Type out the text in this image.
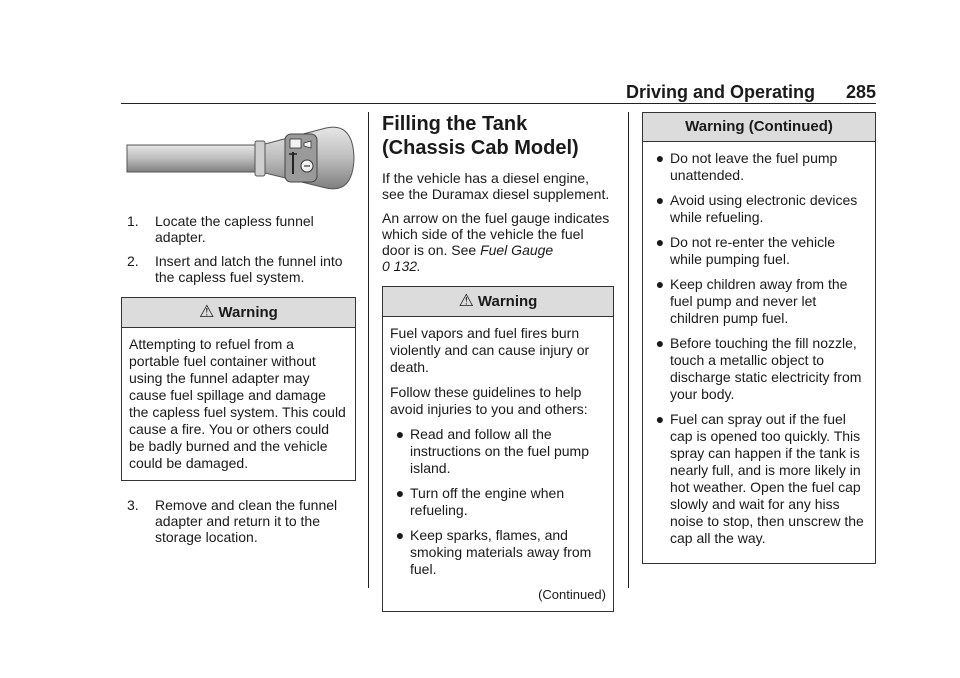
Driving and Operating 285
1.	Locate the capless funnel adapter.
2.	Insert and latch the funnel into the capless fuel system.
⚠ Warning
Attempting to refuel from a portable fuel container without using the funnel adapter may cause fuel spillage and damage the capless fuel system. This could cause a fire. You or others could be badly burned and the vehicle could be damaged.
3.	Remove and clean the funnel adapter and return it to the storage location.
Filling the Tank (Chassis Cab Model)

If the vehicle has a diesel engine, see the Duramax diesel supplement.

An arrow on the fuel gauge indicates which side of the vehicle the fuel door is on. See Fuel Gauge
0 132.

⚠ Warning

Fuel vapors and fuel fires burn violently and can cause injury or death.

Follow these guidelines to help avoid injuries to you and others:

● Read and follow all the instructions on the fuel pump island.
● Turn off the engine when refueling.
● Keep sparks, flames, and smoking materials away from fuel.
(Continued)
Warning (Continued)
● Do not leave the fuel pump unattended.
● Avoid using electronic devices while refueling.
● Do not re-enter the vehicle while pumping fuel.
● Keep children away from the fuel pump and never let children pump fuel.
● Before touching the fill nozzle, touch a metallic object to discharge static electricity from your body.
● Fuel can spray out if the fuel cap is opened too quickly. This spray can happen if the tank is nearly full, and is more likely in hot weather. Open the fuel cap slowly and wait for any hiss noise to stop, then unscrew the cap all the way.
